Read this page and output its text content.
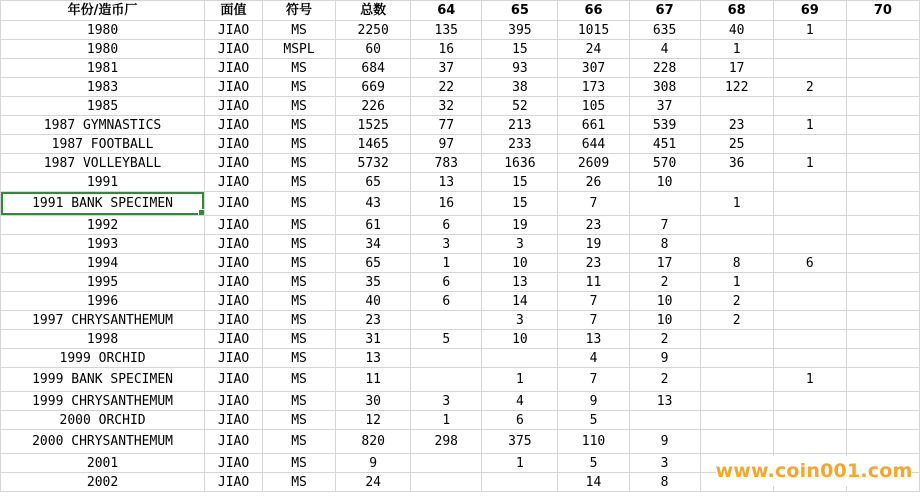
年份/造币厂	面值	符号	总数	64	65	66	67	68	69	70
1980	JIAO	MS	2250	135	395	1015	635	40	1	
1980	JIAO	MSPL	60	16	15	24	4	1		
1981	JIAO	MS	684	37	93	307	228	17		
1983	JIAO	MS	669	22	38	173	308	122	2	
1985	JIAO	MS	226	32	52	105	37			
1987 GYMNASTICS	JIAO	MS	1525	77	213	661	539	23	1	
1987 FOOTBALL	JIAO	MS	1465	97	233	644	451	25		
1987 VOLLEYBALL	JIAO	MS	5732	783	1636	2609	570	36	1	
1991	JIAO	MS	65	13	15	26	10			
1991 BANK SPECIMEN	JIAO	MS	43	16	15	7		1		
1992	JIAO	MS	61	6	19	23	7			
1993	JIAO	MS	34	3	3	19	8			
1994	JIAO	MS	65	1	10	23	17	8	6	
1995	JIAO	MS	35	6	13	11	2	1		
1996	JIAO	MS	40	6	14	7	10	2		
1997 CHRYSANTHEMUM	JIAO	MS	23		3	7	10	2		
1998	JIAO	MS	31	5	10	13	2			
1999 ORCHID	JIAO	MS	13			4	9			
1999 BANK SPECIMEN	JIAO	MS	11		1	7	2		1	
1999 CHRYSANTHEMUM	JIAO	MS	30	3	4	9	13			
2000 ORCHID	JIAO	MS	12	1	6	5				
2000 CHRYSANTHEMUM	JIAO	MS	820	298	375	110	9			
2001	JIAO	MS	9		1	5	3			
2002	JIAO	MS	24			14	8			www.coin001.com
